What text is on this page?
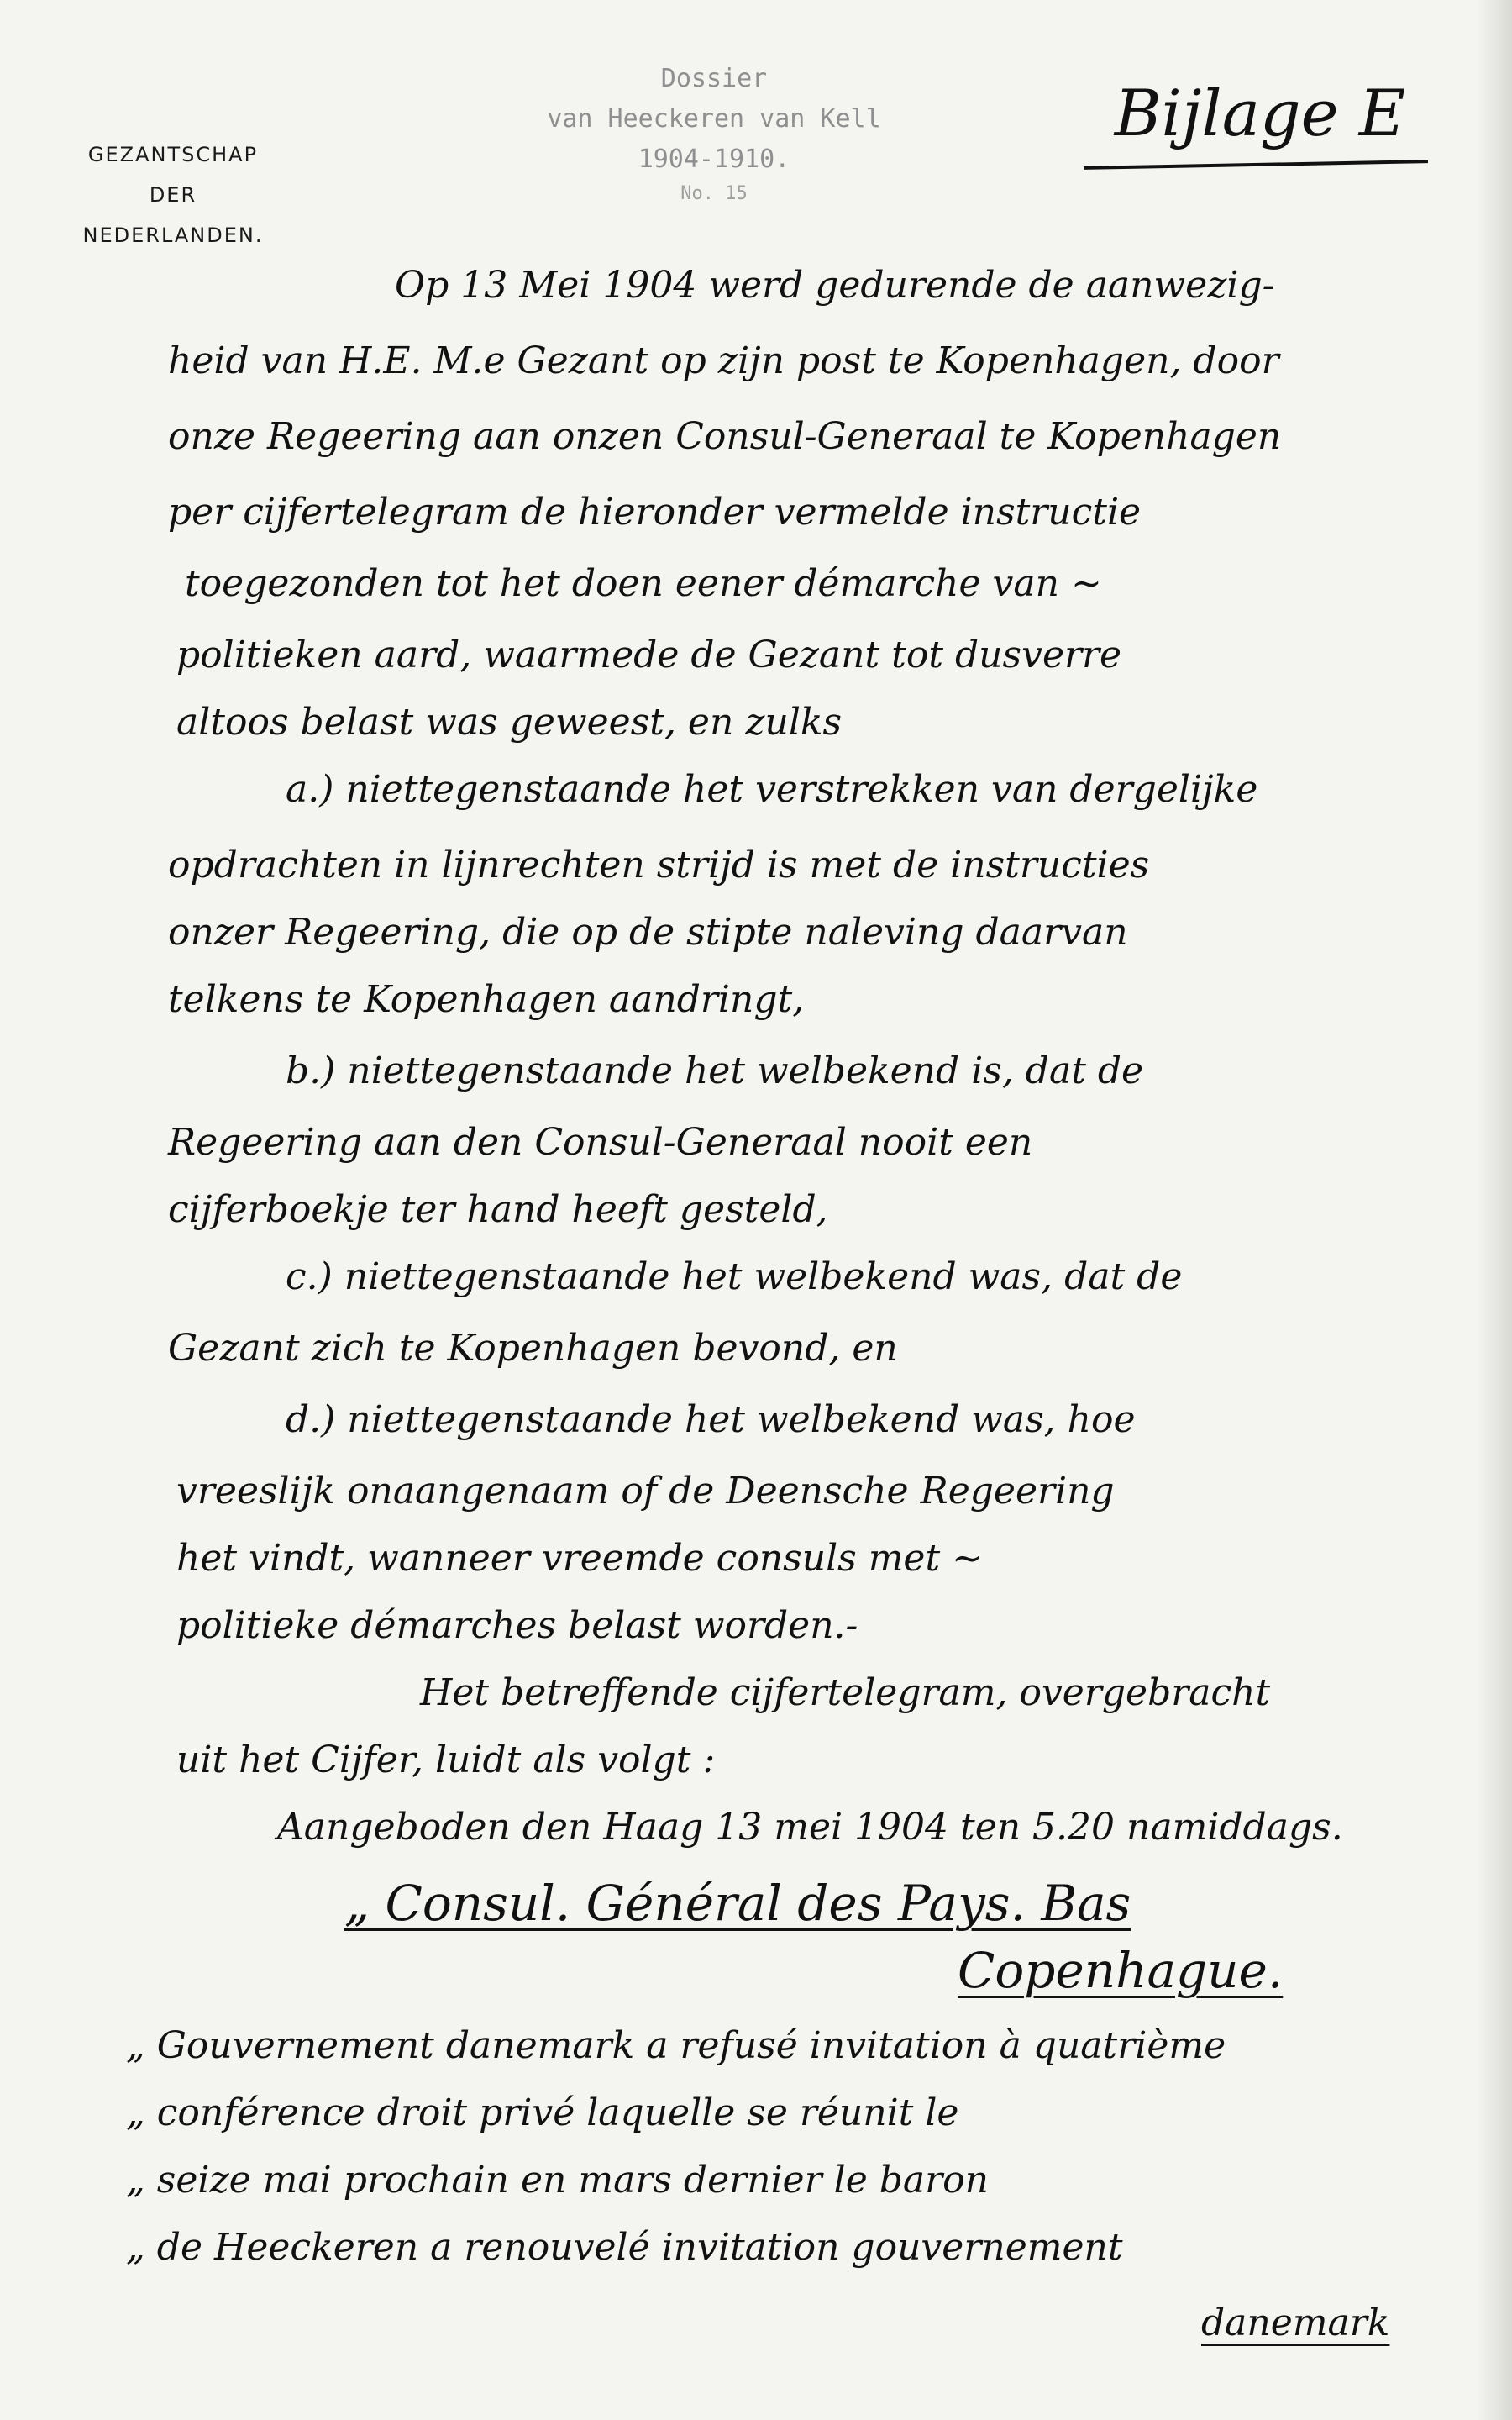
GEZANTSCHAP
DER
NEDERLANDEN.
Dossier
van Heeckeren van Kell
1904-1910.
No. 15
Bijlage E
Op 13 Mei 1904 werd gedurende de aanwezig-
heid van H.E. M.e Gezant op zijn post te Kopenhagen, door
onze Regeering aan onzen Consul-Generaal te Kopenhagen
per cijfertelegram de hieronder vermelde instructie
toegezonden tot het doen eener démarche van ~
politieken aard, waarmede de Gezant tot dusverre
altoos belast was geweest, en zulks
a.) niettegenstaande het verstrekken van dergelijke
opdrachten in lijnrechten strijd is met de instructies
onzer Regeering, die op de stipte naleving daarvan
telkens te Kopenhagen aandringt,
b.) niettegenstaande het welbekend is, dat de
Regeering aan den Consul-Generaal nooit een
cijferboekje ter hand heeft gesteld,
c.) niettegenstaande het welbekend was, dat de
Gezant zich te Kopenhagen bevond, en
d.) niettegenstaande het welbekend was, hoe
vreeslijk onaangenaam of de Deensche Regeering
het vindt, wanneer vreemde consuls met ~
politieke démarches belast worden.-
Het betreffende cijfertelegram, overgebracht
uit het Cijfer, luidt als volgt :
Aangeboden den Haag 13 mei 1904 ten 5.20 namiddags.
„ Consul. Général des Pays. Bas
Copenhague.
„ Gouvernement danemark a refusé invitation à quatrième
„ conférence droit privé laquelle se réunit le
„ seize mai prochain en mars dernier le baron
„ de Heeckeren a renouvelé invitation gouvernement
danemark
